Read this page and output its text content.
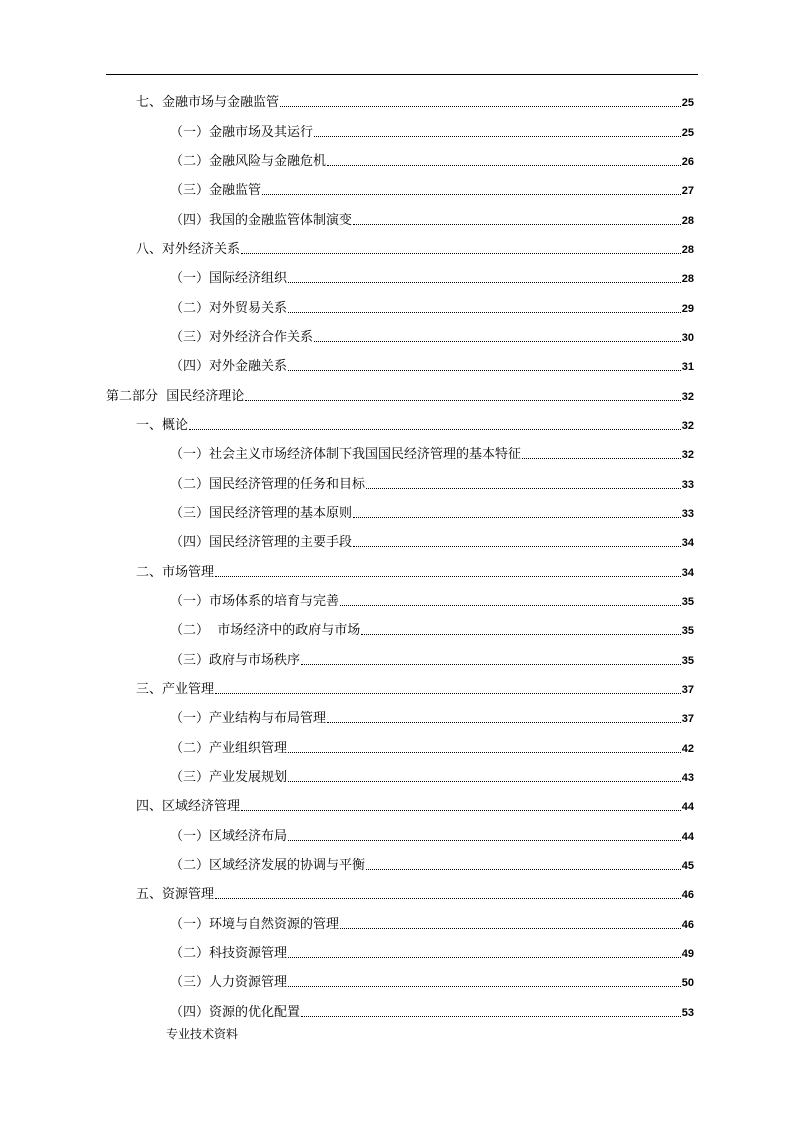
七、金融市场与金融监管	25
（一）金融市场及其运行	25
（二）金融风险与金融危机	26
（三）金融监管	27
（四）我国的金融监管体制演变	28
八、对外经济关系	28
（一）国际经济组织	28
（二）对外贸易关系	29
（三）对外经济合作关系	30
（四）对外金融关系	31
第二部分  国民经济理论	32
一、概论	32
（一）社会主义市场经济体制下我国国民经济管理的基本特征	32
（二）国民经济管理的任务和目标	33
（三）国民经济管理的基本原则	33
（四）国民经济管理的主要手段	34
二、市场管理	34
（一）市场体系的培育与完善	35
（二）  市场经济中的政府与市场	35
（三）政府与市场秩序	35
三、产业管理	37
（一）产业结构与布局管理	37
（二）产业组织管理	42
（三）产业发展规划	43
四、区域经济管理	44
（一）区域经济布局	44
（二）区域经济发展的协调与平衡	45
五、资源管理	46
（一）环境与自然资源的管理	46
（二）科技资源管理	49
（三）人力资源管理	50
（四）资源的优化配置	53
专业技术资料
